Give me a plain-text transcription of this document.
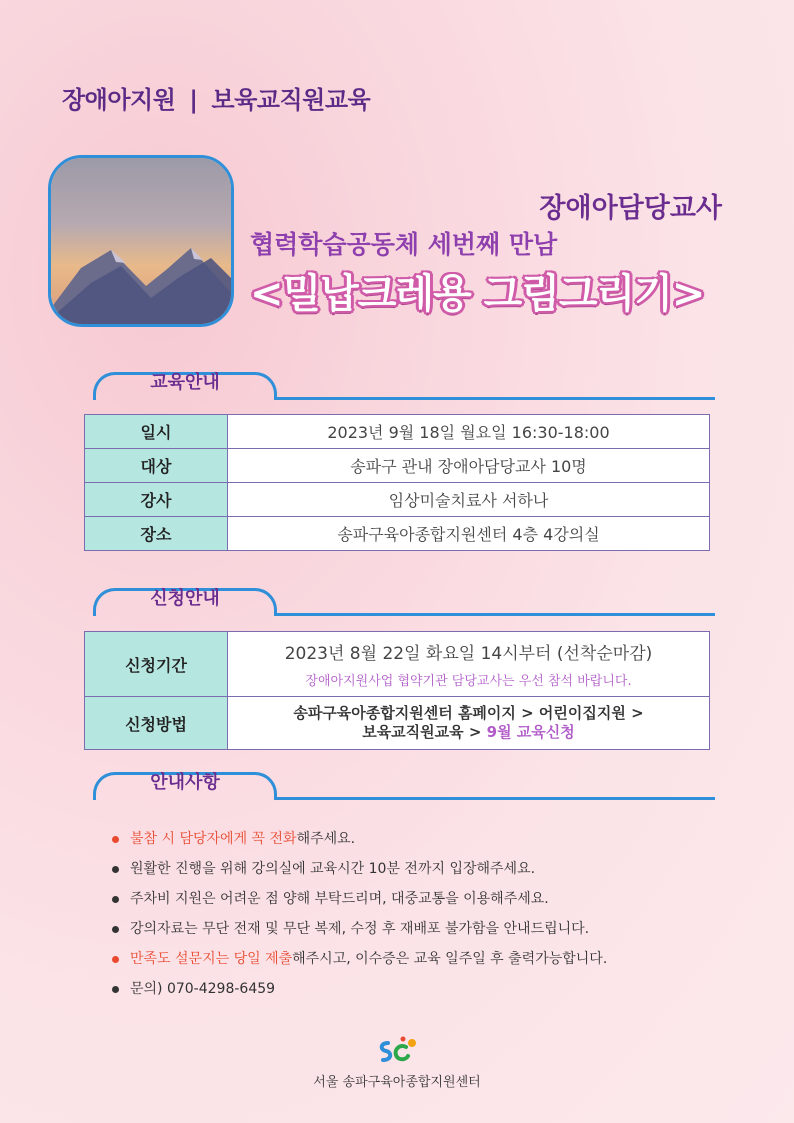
장애아지원 | 보육교직원교육
장애아담당교사
협력학습공동체 세번째 만남
<밀납크레용 그림그리기>
교육안내
일시	2023년 9월 18일 월요일 16:30-18:00
대상	송파구 관내 장애아담당교사 10명
강사	임상미술치료사 서하나
장소	송파구육아종합지원센터 4층 4강의실
신청안내
신청기간	2023년 8월 22일 화요일 14시부터 (선착순마감)
장애아지원사업 협약기관 담당교사는 우선 참석 바랍니다.

신청방법	송파구육아종합지원센터 홈페이지 > 어린이집지원 >
보육교직원교육 > 9월 교육신청
안내사항
불참 시 담당자에게 꼭 전화해주세요.
원활한 진행을 위해 강의실에 교육시간 10분 전까지 입장해주세요.
주차비 지원은 어려운 점 양해 부탁드리며, 대중교통을 이용해주세요.
강의자료는 무단 전재 및 무단 복제, 수정 후 재배포 불가함을 안내드립니다.
만족도 설문지는 당일 제출해주시고, 이수증은 교육 일주일 후 출력가능합니다.
문의) 070-4298-6459
서울 송파구육아종합지원센터
